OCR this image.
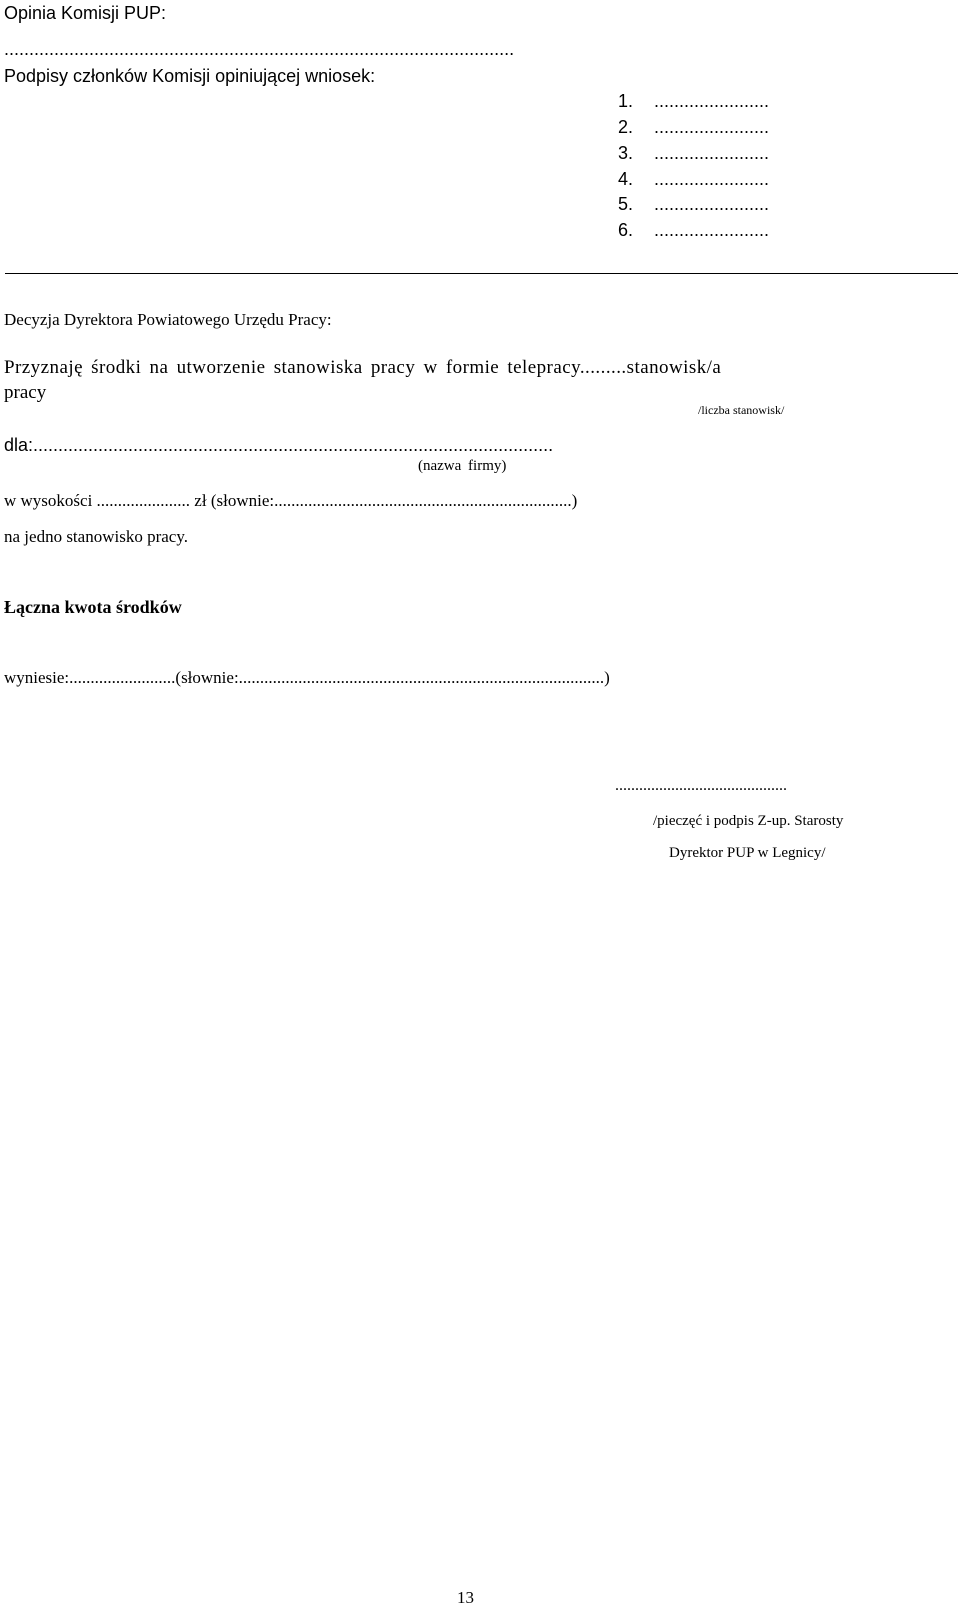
Opinia Komisji PUP:

......................................................................................................

Podpisy członków Komisji opiniującej wniosek:

1. .......................

2. .......................

3. .......................

4. .......................

5. .......................

6. .......................

Decyzja Dyrektora Powiatowego Urzędu Pracy:

Przyznaję środki na utworzenie stanowiska pracy w formie telepracy.........stanowisk/a

pracy

/liczba stanowisk/

dla:........................................................................................................

(nazwa firmy)

w wysokości ...................... zł (słownie:......................................................................)

na jedno stanowisko pracy.

Łączna kwota środków

wyniesie:.........................(słownie:......................................................................................)

...........................................

/pieczęć i podpis Z-up. Starosty

Dyrektor PUP w Legnicy/

13
